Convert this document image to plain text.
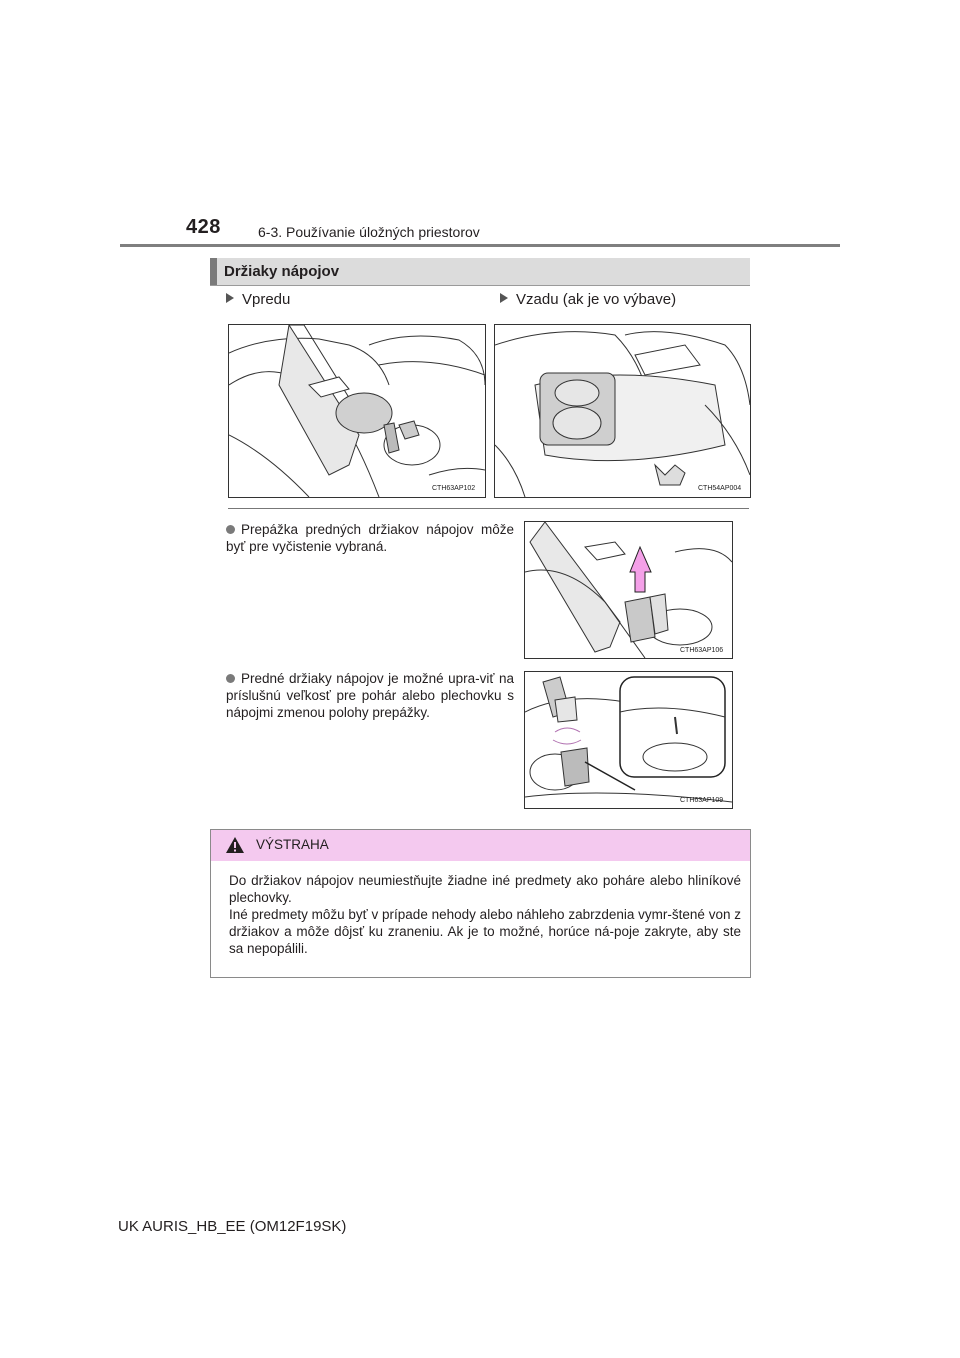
428	6-3. Používanie úložných priestorov
Držiaky nápojov
Vpredu	Vzadu (ak je vo výbave)
CTH63AP102	CTH54AP004
Prepážka predných držiakov nápojov môže byť pre vyčistenie vybraná.
CTH63AP106
Predné držiaky nápojov je možné upra-viť na príslušnú veľkosť pre pohár alebo plechovku s nápojmi zmenou polohy prepážky.
CTH63AP109
VÝSTRAHA

Do držiakov nápojov neumiestňujte žiadne iné predmety ako poháre alebo hliníkové plechovky.

Iné predmety môžu byť v prípade nehody alebo náhleho zabrzdenia vymr-štené von z držiakov a môže dôjsť ku zraneniu. Ak je to možné, horúce ná-poje zakryte, aby ste sa nepopálili.

UK AURIS_HB_EE (OM12F19SK)
